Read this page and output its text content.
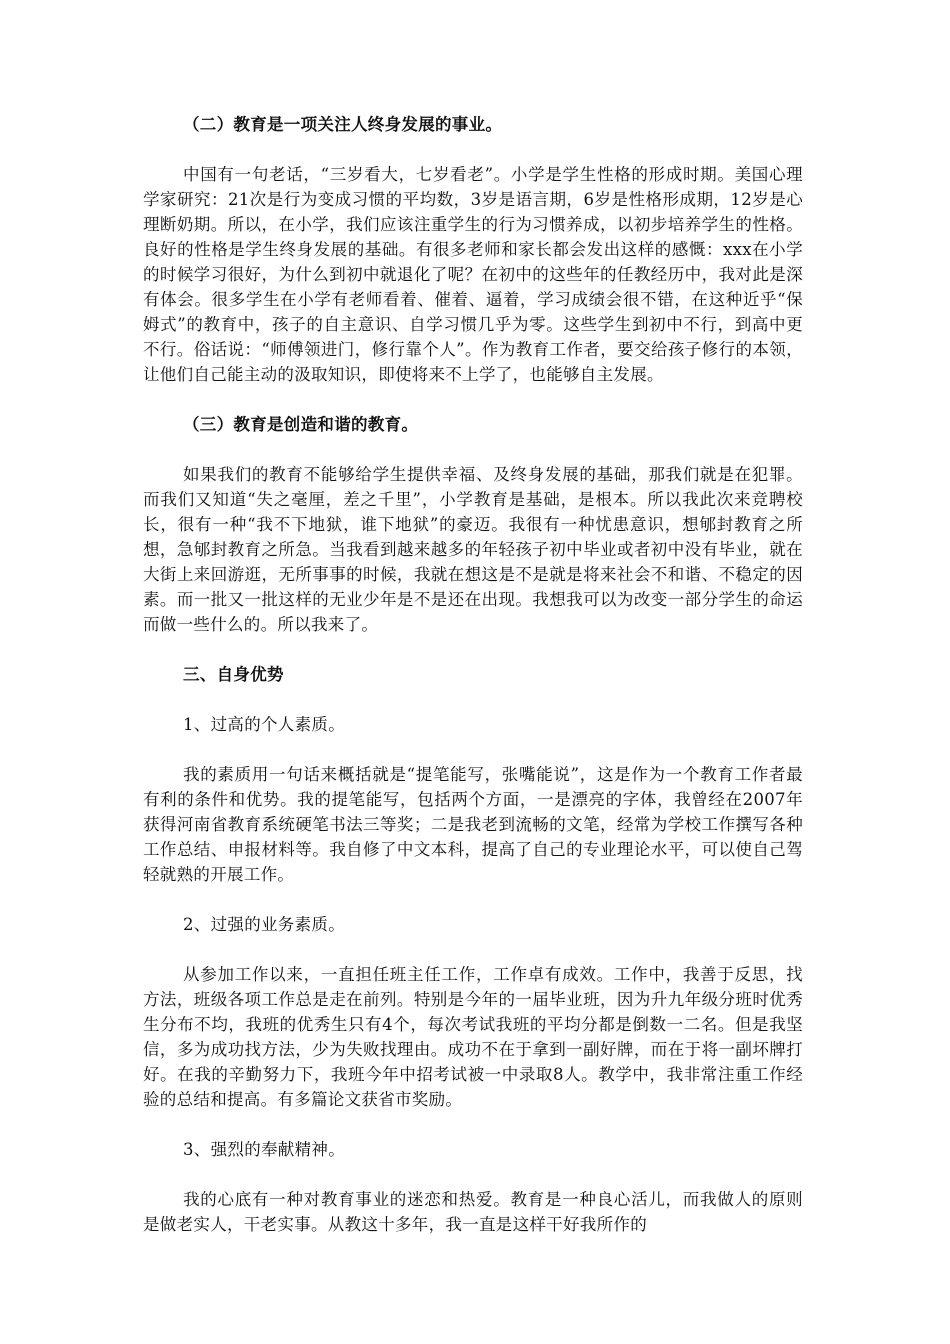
（二）教育是一项关注人终身发展的事业。

中国有一句老话，“三岁看大，七岁看老”。小学是学生性格的形成时期。美国心理学家研究：21次是行为变成习惯的平均数，3岁是语言期，6岁是性格形成期，12岁是心理断奶期。所以，在小学，我们应该注重学生的行为习惯养成，以初步培养学生的性格。良好的性格是学生终身发展的基础。有很多老师和家长都会发出这样的感慨：xxx在小学的时候学习很好，为什么到初中就退化了呢？在初中的这些年的任教经历中，我对此是深有体会。很多学生在小学有老师看着、催着、逼着，学习成绩会很不错，在这种近乎“保姆式”的教育中，孩子的自主意识、自学习惯几乎为零。这些学生到初中不行，到高中更不行。俗话说：“师傅领进门，修行靠个人”。作为教育工作者，要交给孩子修行的本领，让他们自己能主动的汲取知识，即使将来不上学了，也能够自主发展。

（三）教育是创造和谐的教育。

如果我们的教育不能够给学生提供幸福、及终身发展的基础，那我们就是在犯罪。而我们又知道“失之毫厘，差之千里”，小学教育是基础，是根本。所以我此次来竞聘校长，很有一种“我不下地狱，谁下地狱”的豪迈。我很有一种忧患意识，想郇封教育之所想，急郇封教育之所急。当我看到越来越多的年轻孩子初中毕业或者初中没有毕业，就在大街上来回游逛，无所事事的时候，我就在想这是不是就是将来社会不和谐、不稳定的因素。而一批又一批这样的无业少年是不是还在出现。我想我可以为改变一部分学生的命运而做一些什么的。所以我来了。

三、自身优势

1、过高的个人素质。

我的素质用一句话来概括就是“提笔能写，张嘴能说”，这是作为一个教育工作者最有利的条件和优势。我的提笔能写，包括两个方面，一是漂亮的字体，我曾经在2007年获得河南省教育系统硬笔书法三等奖；二是我老到流畅的文笔，经常为学校工作撰写各种工作总结、申报材料等。我自修了中文本科，提高了自己的专业理论水平，可以使自己驾轻就熟的开展工作。

2、过强的业务素质。

从参加工作以来，一直担任班主任工作，工作卓有成效。工作中，我善于反思，找方法，班级各项工作总是走在前列。特别是今年的一届毕业班，因为升九年级分班时优秀生分布不均，我班的优秀生只有4个，每次考试我班的平均分都是倒数一二名。但是我坚信，多为成功找方法，少为失败找理由。成功不在于拿到一副好牌，而在于将一副坏牌打好。在我的辛勤努力下，我班今年中招考试被一中录取8人。教学中，我非常注重工作经验的总结和提高。有多篇论文获省市奖励。

3、强烈的奉献精神。

我的心底有一种对教育事业的迷恋和热爱。教育是一种良心活儿，而我做人的原则是做老实人，干老实事。从教这十多年，我一直是这样干好我所作的
